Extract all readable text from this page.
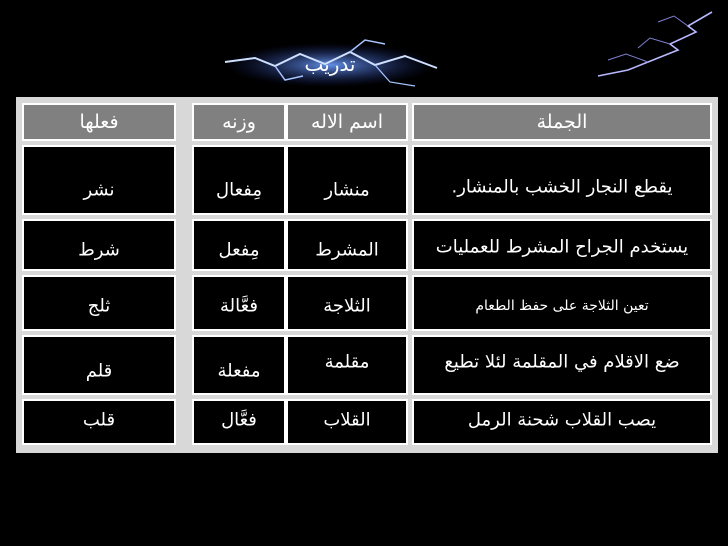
تدريب
فعلها	وزنه	اسم الاله	الجملة
نشر	مِفعال	منشار	يقطع النجار الخشب بالمنشار.
شرط	مِفعل	المشرط	يستخدم الجراح المشرط للعمليات
ثلج	فعَّالة	الثلاجة	تعين الثلاجة على حفظ الطعام
قلم	مفعلة	مقلمة	ضع الاقلام في المقلمة لئلا تطيع
قلب	فعَّال	القلاب	يصب القلاب شحنة الرمل
